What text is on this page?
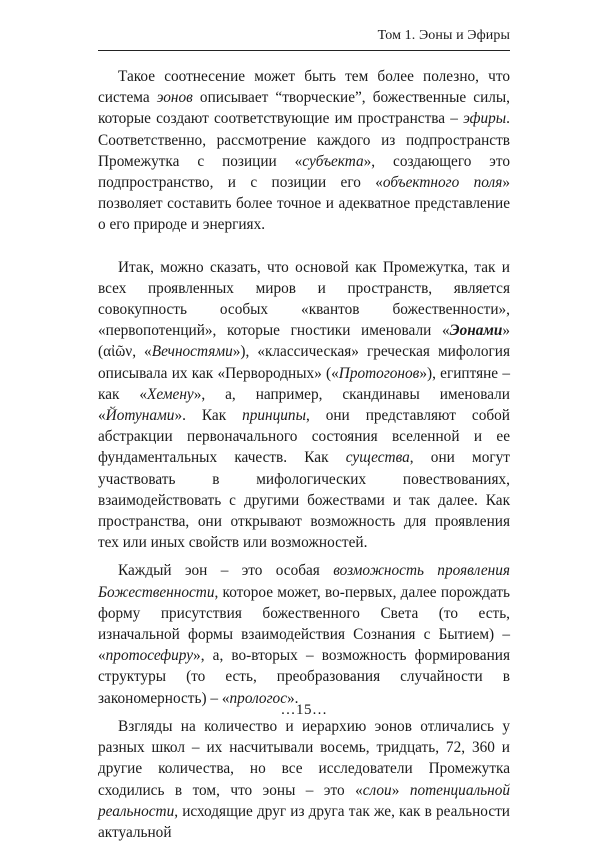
Том 1. Эоны и Эфиры

Такое соотнесение может быть тем более полезно, что система эонов описывает “творческие”, божественные силы, которые создают соответствующие им пространства – эфиры. Соответственно, рассмотрение каждого из подпространств Промежутка с позиции «субъекта», создающего это подпространство, и с позиции его «объектного поля» позволяет составить более точное и адекватное представление о его природе и энергиях.

Итак, можно сказать, что основой как Промежутка, так и всех проявленных миров и пространств, является совокупность особых «квантов божественности», «первопотенций», которые гностики именовали «Эонами» (αἰῶν, «Вечностями»), «классическая» греческая мифология описывала их как «Первородных» («Протогонов»), египтяне – как «Хемену», а, например, скандинавы именовали «Йотунами». Как принципы, они представляют собой абстракции первоначального состояния вселенной и ее фундаментальных качеств. Как существа, они могут участвовать в мифологических повествованиях, взаимодействовать с другими божествами и так далее. Как пространства, они открывают возможность для проявления тех или иных свойств или возможностей.

Каждый эон – это особая возможность проявления Божественности, которое может, во-первых, далее порождать форму присутствия божественного Света (то есть, изначальной формы взаимодействия Сознания с Бытием) – «протосефиру», а, во-вторых – возможность формирования структуры (то есть, преобразования случайности в закономерность) – «прологос».

Взгляды на количество и иерархию эонов отличались у разных школ – их насчитывали восемь, тридцать, 72, 360 и другие количества, но все исследователи Промежутка сходились в том, что эоны – это «слои» потенциальной реальности, исходящие друг из друга так же, как в реальности актуальной

…15…
